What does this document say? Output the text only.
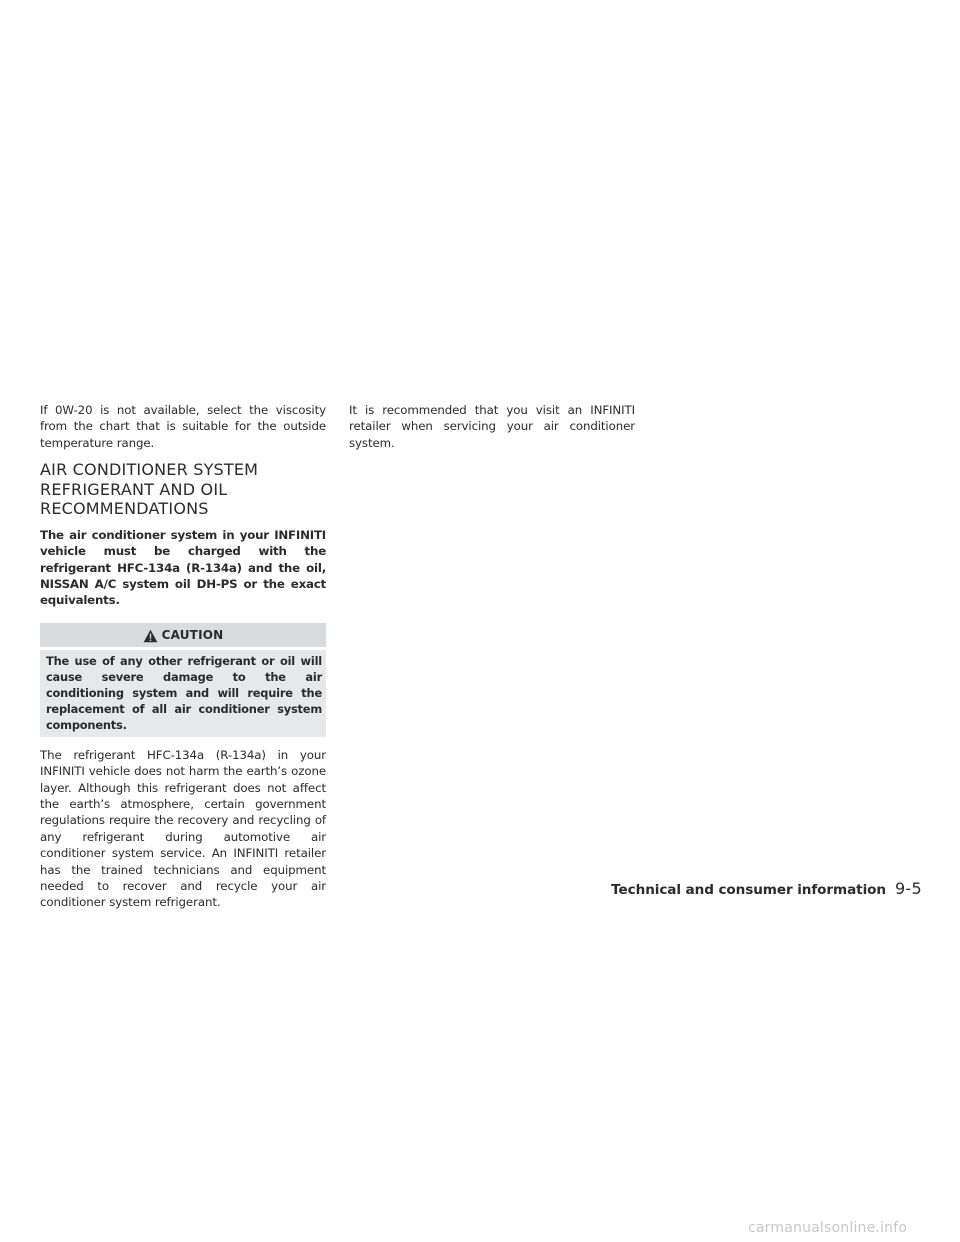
If 0W-20 is not available, select the viscosity from the chart that is suitable for the outside temperature range.

AIR CONDITIONER SYSTEM REFRIGERANT AND OIL RECOMMENDATIONS

The air conditioner system in your INFINITI vehicle must be charged with the refrigerant HFC-134a (R-134a) and the oil, NISSAN A/C system oil DH-PS or the exact equivalents.

CAUTION
The use of any other refrigerant or oil will cause severe damage to the air conditioning system and will require the replacement of all air conditioner system components.

The refrigerant HFC-134a (R-134a) in your INFINITI vehicle does not harm the earth’s ozone layer. Although this refrigerant does not affect the earth’s atmosphere, certain government regulations require the recovery and recycling of any refrigerant during automotive air conditioner system service. An INFINITI retailer has the trained technicians and equipment needed to recover and recycle your air conditioner system refrigerant.

It is recommended that you visit an INFINITI retailer when servicing your air conditioner system.

Technical and consumer information 9-5
carmanualsonline.info
